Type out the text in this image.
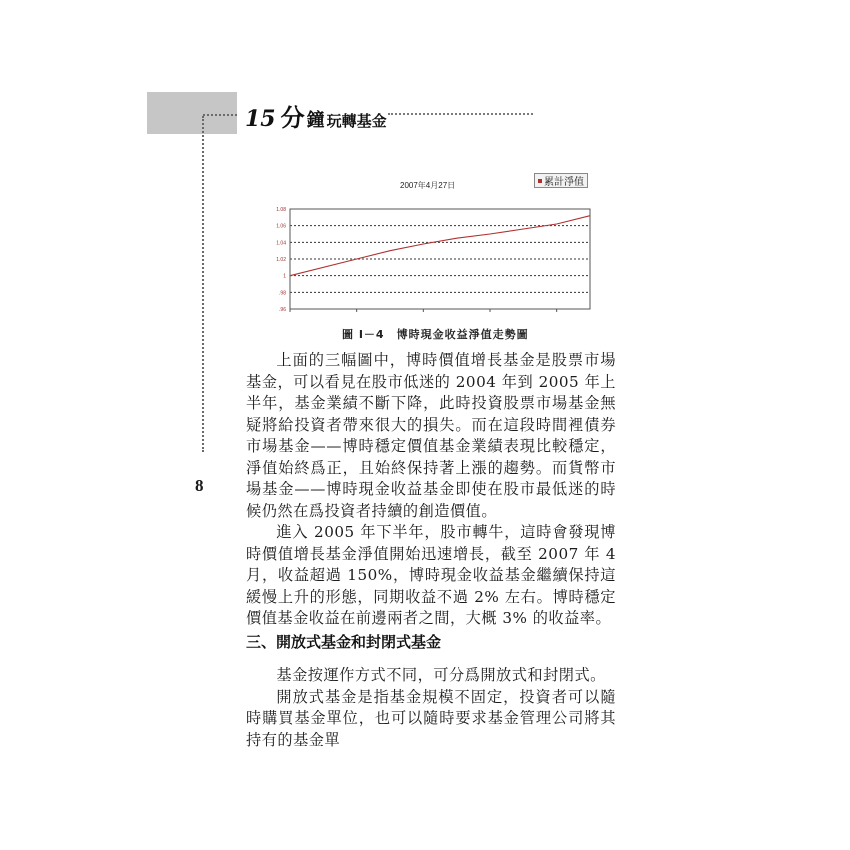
15 分 鐘 玩轉基金
8
2007年4月27日	累計淨值
1.08
1.06
1.04
1.02
1
.98
.96
圖 I－4　博時現金收益淨值走勢圖

上面的三幅圖中，博時價值增長基金是股票市場基金，可以看見在股市低迷的 2004 年到 2005 年上半年，基金業績不斷下降，此時投資股票市場基金無疑將給投資者帶來很大的損失。而在這段時間裡債券市場基金——博時穩定價值基金業績表現比較穩定，淨值始終爲正，且始終保持著上漲的趨勢。而貨幣市場基金——博時現金收益基金即使在股市最低迷的時候仍然在爲投資者持續的創造價值。

進入 2005 年下半年，股市轉牛，這時會發現博時價值增長基金淨值開始迅速增長，截至 2007 年 4 月，收益超過 150%，博時現金收益基金繼續保持這緩慢上升的形態，同期收益不過 2% 左右。博時穩定價值基金收益在前邊兩者之間，大概 3% 的收益率。

三、開放式基金和封閉式基金

基金按運作方式不同，可分爲開放式和封閉式。

開放式基金是指基金規模不固定，投資者可以隨時購買基金單位，也可以隨時要求基金管理公司將其持有的基金單
